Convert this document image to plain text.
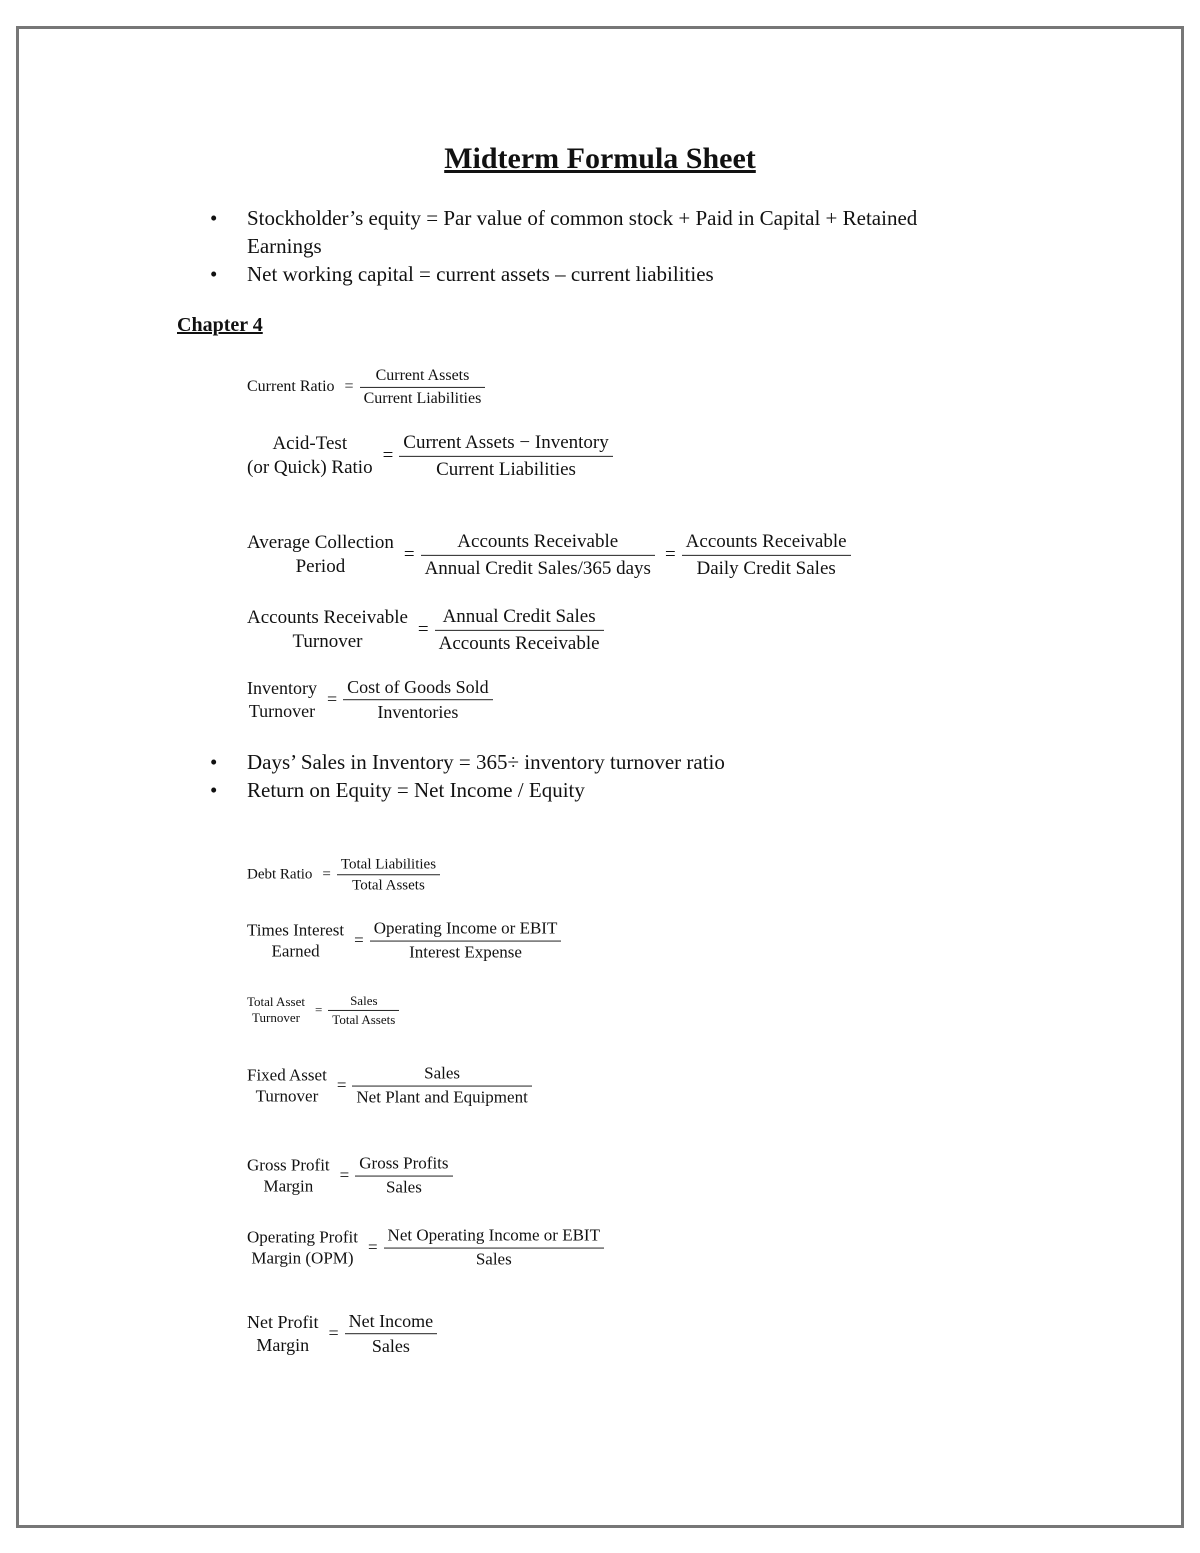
Midterm Formula Sheet
• Stockholder’s equity = Par value of common stock + Paid in Capital + Retained
Earnings
• Net working capital = current assets – current liabilities
Chapter 4
Current Ratio = $\frac{\text{Current Assets}}{\text{Current Liabilities}}$
Acid-Test
(or Quick) Ratio
= $\frac{\text{Current Assets − Inventory}}{\text{Current Liabilities}}$
Average Collection
Period
= $\frac{\text{Accounts Receivable}}{\text{Annual Credit Sales/365 days}} = \frac{\text{Accounts Receivable}}{\text{Daily Credit Sales}}$
Accounts Receivable
Turnover
= $\frac{\text{Annual Credit Sales}}{\text{Accounts Receivable}}$
Inventory
Turnover
= $\frac{\text{Cost of Goods Sold}}{\text{Inventories}}$
• Days’ Sales in Inventory = 365÷ inventory turnover ratio
• Return on Equity = Net Income / Equity
Debt Ratio = $\frac{\text{Total Liabilities}}{\text{Total Assets}}$
Times Interest
Earned
= $\frac{\text{Operating Income or EBIT}}{\text{Interest Expense}}$
Total Asset
Turnover
= $\frac{\text{Sales}}{\text{Total Assets}}$
Fixed Asset
Turnover
= $\frac{\text{Sales}}{\text{Net Plant and Equipment}}$
Gross Profit
Margin
= $\frac{\text{Gross Profits}}{\text{Sales}}$
Operating Profit
Margin (OPM)
= $\frac{\text{Net Operating Income or EBIT}}{\text{Sales}}$
Net Profit
Margin
= $\frac{\text{Net Income}}{\text{Sales}}$
